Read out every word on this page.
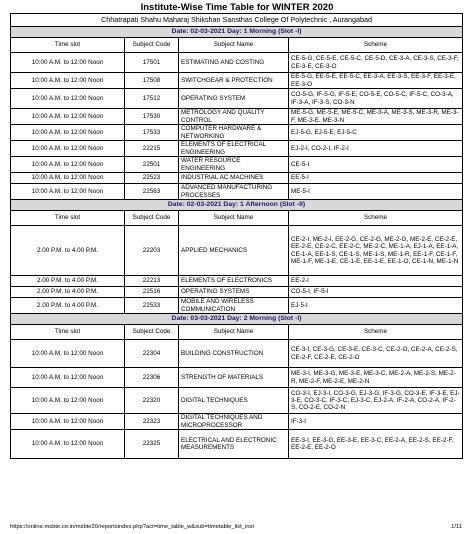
Institute-Wise Time Table for WINTER 2020
Chhatrapati Shahu Maharaj Shikshan Sansthas College Of Polytechnic , Aurangabad			
Date: 02-03-2021 Day: 1 Morning (Slot -I)			
Time slot	Subject Code	Subject Name	Scheme
10:00 A.M. to 12:00 Noon	17501	ESTIMATING AND COSTING	CE-5-G, CE-5-E, CE-5-C, CE-5-D, CE-3-A, CE-3-S, CE-3-F, CE-3-E, CE-3-O
10:00 A.M. to 12:00 Noon	17508	SWITCHGEAR & PROTECTION	EE-5-G, EE-5-E, EE-5-C, EE-3-A, EE-3-S, EE-3-F, EE-3-E, EE-3-O
10:00 A.M. to 12:00 Noon	17512	OPERATING SYSTEM	CO-5-G, IF-5-G, IF-5-E, CO-5-E, CO-5-C, IF-5-C, CO-3-A, IF-3-A, IF-3-S, CO-3-N
10:00 A.M. to 12:00 Noon	17530	METROLOGY AND QUALITY CONTROL	ME-5-G, ME-5-E, ME-5-C, ME-3-A, ME-3-S, ME-3-R, ME-3-F, ME-3-E, ME-3-N
10:00 A.M. to 12:00 Noon	17533	COMPUTER HARDWARE & NETWORKING	EJ-5-G, EJ-5-E, EJ-5-C
10:00 A.M. to 12:00 Noon	22215	ELEMENTS OF ELECTRICAL ENGINEERING	EJ-2-I, CO-2-I, IF-2-I
10:00 A.M. to 12:00 Noon	22501	WATER RESOURCE ENGINEERING	CE-5-I
10:00 A.M. to 12:00 Noon	22523	INDUSTRIAL AC MACHINES	EE-5-I
10:00 A.M. to 12:00 Noon	22563	ADVANCED MANUFACTURING PROCESSES	ME-5-I
Date: 02-03-2021 Day: 1 Afternoon (Slot -II)			
Time slot	Subject Code	Subject Name	Scheme
2.00 P.M. to 4.00 P.M.	22203	APPLIED MECHANICS	CE-2-I, ME-2-I, EE-2-G, CE-2-G, ME-2-G, ME-2-E, CE-2-E, EE-2-E, CE-2-C, EE-2-C, ME-2-C, ME-1-A, EJ-1-A, EE-1-A, CE-1-A, EE-1-S, CE-1-S, ME-1-S, ME-1-R, EE-1-F, CE-1-F, ME-1-F, ME-1-E, CE-1-E, EE-1-E, EE-1-O, CE-1-N, ME-1-N
2.00 P.M. to 4.00 P.M.	22213	ELEMENTS OF ELECTRONICS	EE-2-I
2.00 P.M. to 4.00 P.M.	22516	OPERATING SYSTEMS	CO-5-I, IF-5-I
2.00 P.M. to 4.00 P.M.	22533	MOBILE AND WIRELESS COMMUNICATION	EJ-5-I
Date: 03-03-2021 Day: 2 Morning (Slot -I)			
Time slot	Subject Code	Subject Name	Scheme
10:00 A.M. to 12:00 Noon	22304	BUILDING CONSTRUCTION	CE-3-I, CE-3-G, CE-3-E, CE-3-C, CE-2-O, CE-2-A, CE-2-S, CE-2-F, CE-2-E, CE-2-O
10:00 A.M. to 12:00 Noon	22306	STRENGTH OF MATERIALS	ME-3-I, ME-3-G, ME-3-E, ME-3-C, ME-2-A, ME-2-S, ME-2-R, ME-2-F, ME-2-E, ME-2-N
10:00 A.M. to 12:00 Noon	22320	DIGITAL TECHNIQUES	CO-3-I, EJ-3-I, CO-3-G, EJ-3-G, IF-3-G, CO-3-E, IF-3-E, EJ-3-E, CO-3-C, IF-3-C, EJ-3-C, EJ-2-A, IF-2-A, CO-2-A, IF-2-S, CO-2-E, CO-2-N
10:00 A.M. to 12:00 Noon	22323	DIGITAL TECHNIQUES AND MICROPROCESSOR	IF-3-I
10:00 A.M. to 12:00 Noon	22325	ELECTRICAL AND ELECTRONIC MEASUREMENTS	EE-3-I, EE-3-G, EE-3-E, EE-3-C, EE-2-A, EE-2-S, EE-2-F, EE-2-E, EE-2-O
https://online.msbte.co.in/msbte20/reportsindex.php?act=time_table_w&sub=timetable_list_inst	1/11
